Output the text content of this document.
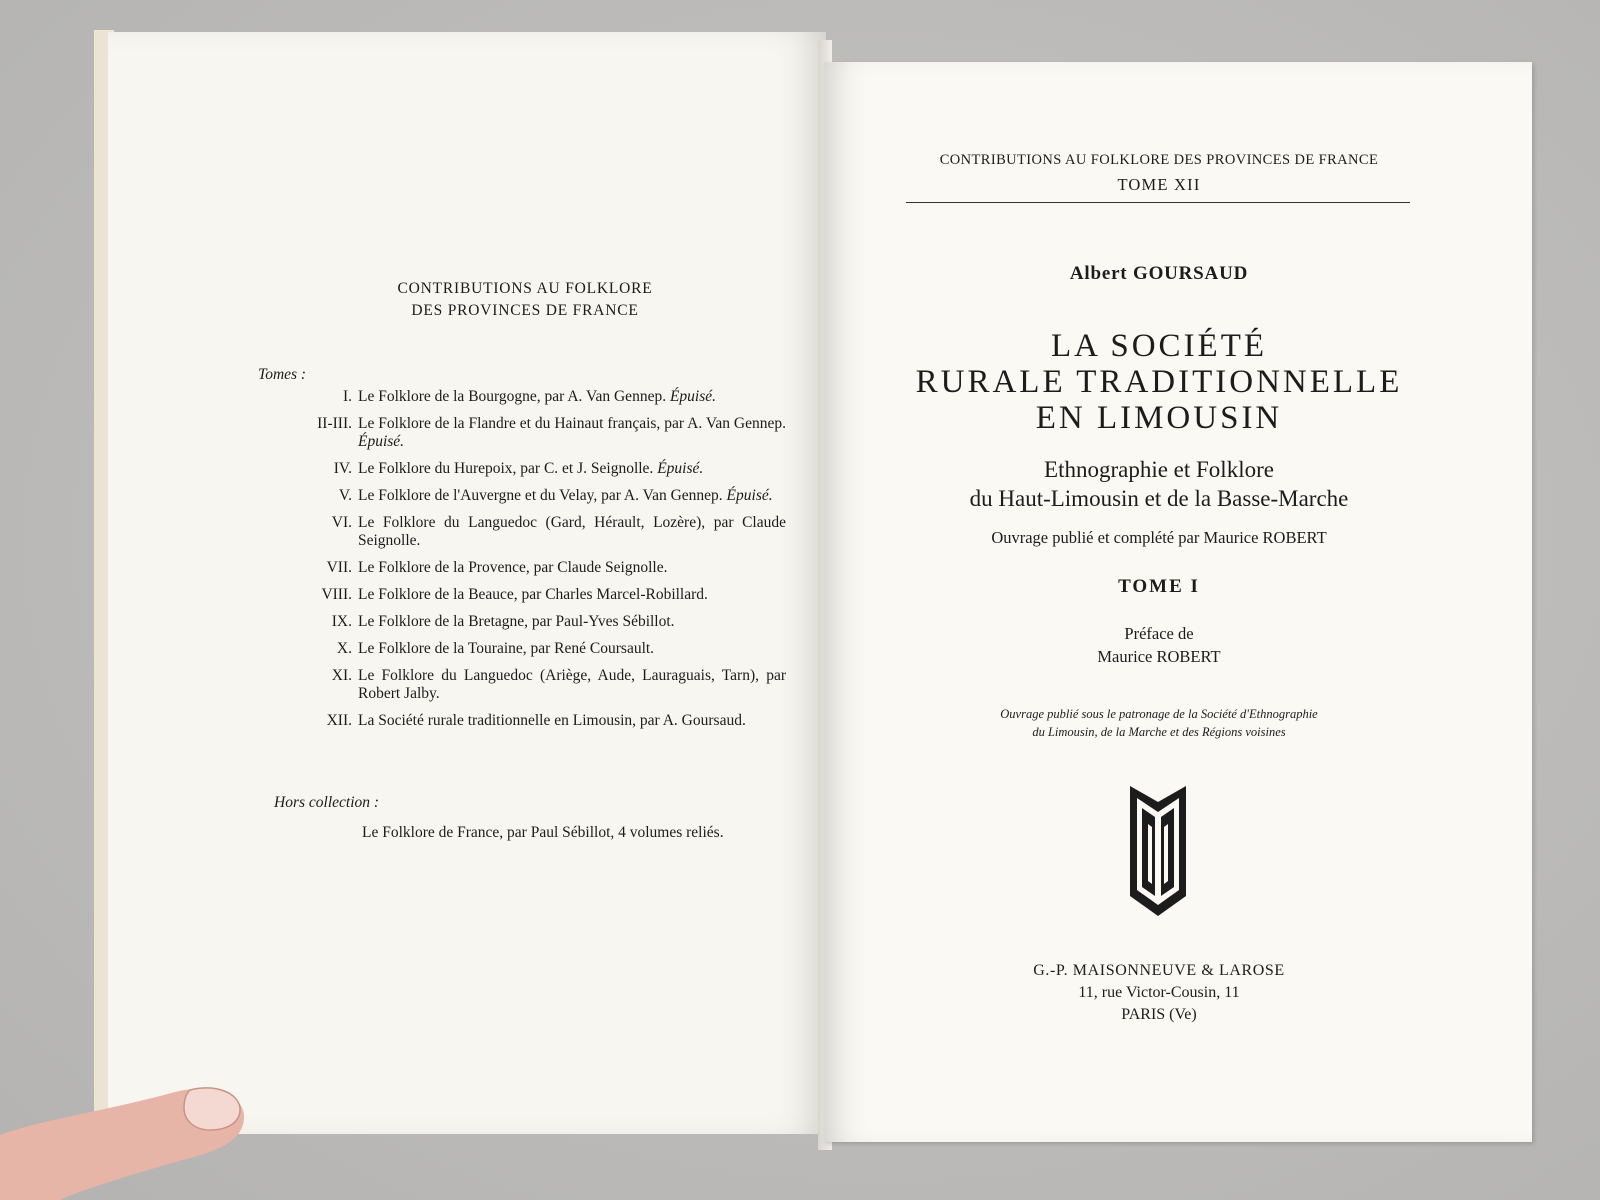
CONTRIBUTIONS AU FOLKLORE
DES PROVINCES DE FRANCE
Tomes :
I. Le Folklore de la Bourgogne, par A. Van Gennep. Épuisé.
II-III. Le Folklore de la Flandre et du Hainaut français, par A. Van Gennep. Épuisé.
IV. Le Folklore du Hurepoix, par C. et J. Seignolle. Épuisé.
V. Le Folklore de l'Auvergne et du Velay, par A. Van Gennep. Épuisé.
VI. Le Folklore du Languedoc (Gard, Hérault, Lozère), par Claude Seignolle.
VII. Le Folklore de la Provence, par Claude Seignolle.
VIII. Le Folklore de la Beauce, par Charles Marcel-Robillard.
IX. Le Folklore de la Bretagne, par Paul-Yves Sébillot.
X. Le Folklore de la Touraine, par René Coursault.
XI. Le Folklore du Languedoc (Ariège, Aude, Lauraguais, Tarn), par Robert Jalby.
XII. La Société rurale traditionnelle en Limousin, par A. Goursaud.
Hors collection :
Le Folklore de France, par Paul Sébillot, 4 volumes reliés.
CONTRIBUTIONS AU FOLKLORE DES PROVINCES DE FRANCE
TOME XII
Albert GOURSAUD
LA SOCIÉTÉ
RURALE TRADITIONNELLE
EN LIMOUSIN
Ethnographie et Folklore
du Haut-Limousin et de la Basse-Marche
Ouvrage publié et complété par Maurice ROBERT
TOME I
Préface de
Maurice ROBERT
Ouvrage publié sous le patronage de la Société d'Ethnographie
du Limousin, de la Marche et des Régions voisines
G.-P. MAISONNEUVE & LAROSE
11, rue Victor-Cousin, 11
PARIS (Ve)
